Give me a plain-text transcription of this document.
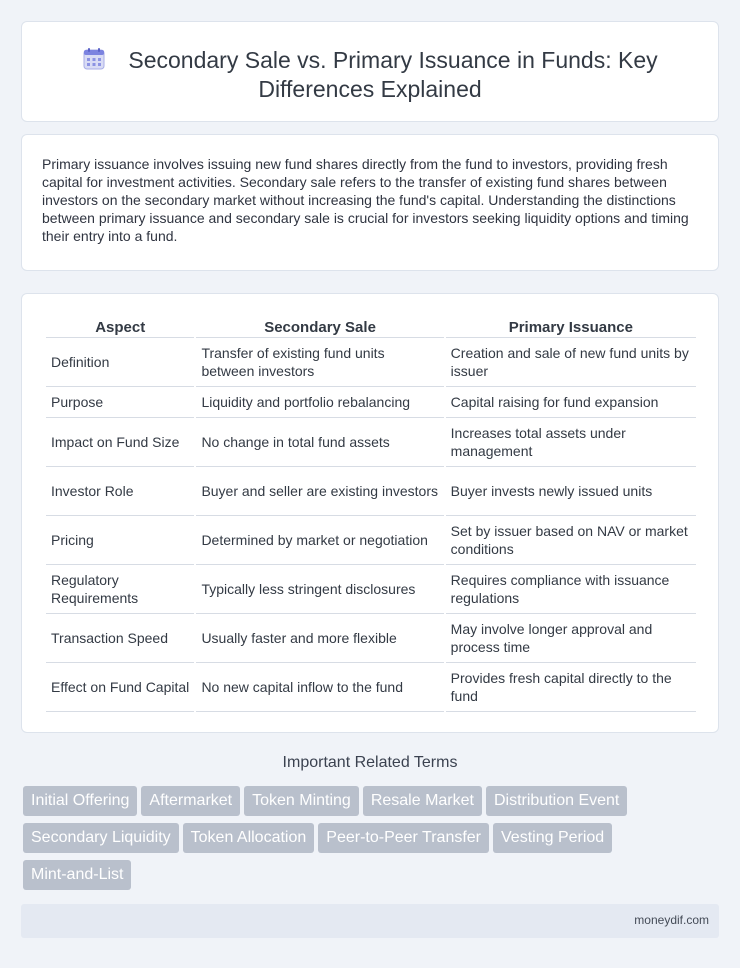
Secondary Sale vs. Primary Issuance in Funds: Key Differences Explained

Primary issuance involves issuing new fund shares directly from the fund to investors, providing fresh capital for investment activities. Secondary sale refers to the transfer of existing fund shares between investors on the secondary market without increasing the fund's capital. Understanding the distinctions between primary issuance and secondary sale is crucial for investors seeking liquidity options and timing their entry into a fund.

Aspect	Secondary Sale	Primary Issuance
Definition	Transfer of existing fund units between investors	Creation and sale of new fund units by issuer
Purpose	Liquidity and portfolio rebalancing	Capital raising for fund expansion
Impact on Fund Size	No change in total fund assets	Increases total assets under management
Investor Role	Buyer and seller are existing investors	Buyer invests newly issued units
Pricing	Determined by market or negotiation	Set by issuer based on NAV or market conditions
Regulatory Requirements	Typically less stringent disclosures	Requires compliance with issuance regulations
Transaction Speed	Usually faster and more flexible	May involve longer approval and process time
Effect on Fund Capital	No new capital inflow to the fund	Provides fresh capital directly to the fund
Important Related Terms
Initial Offering Aftermarket Token Minting Resale Market Distribution Event
Secondary Liquidity Token Allocation Peer-to-Peer Transfer Vesting Period
Mint-and-List
moneydif.com
